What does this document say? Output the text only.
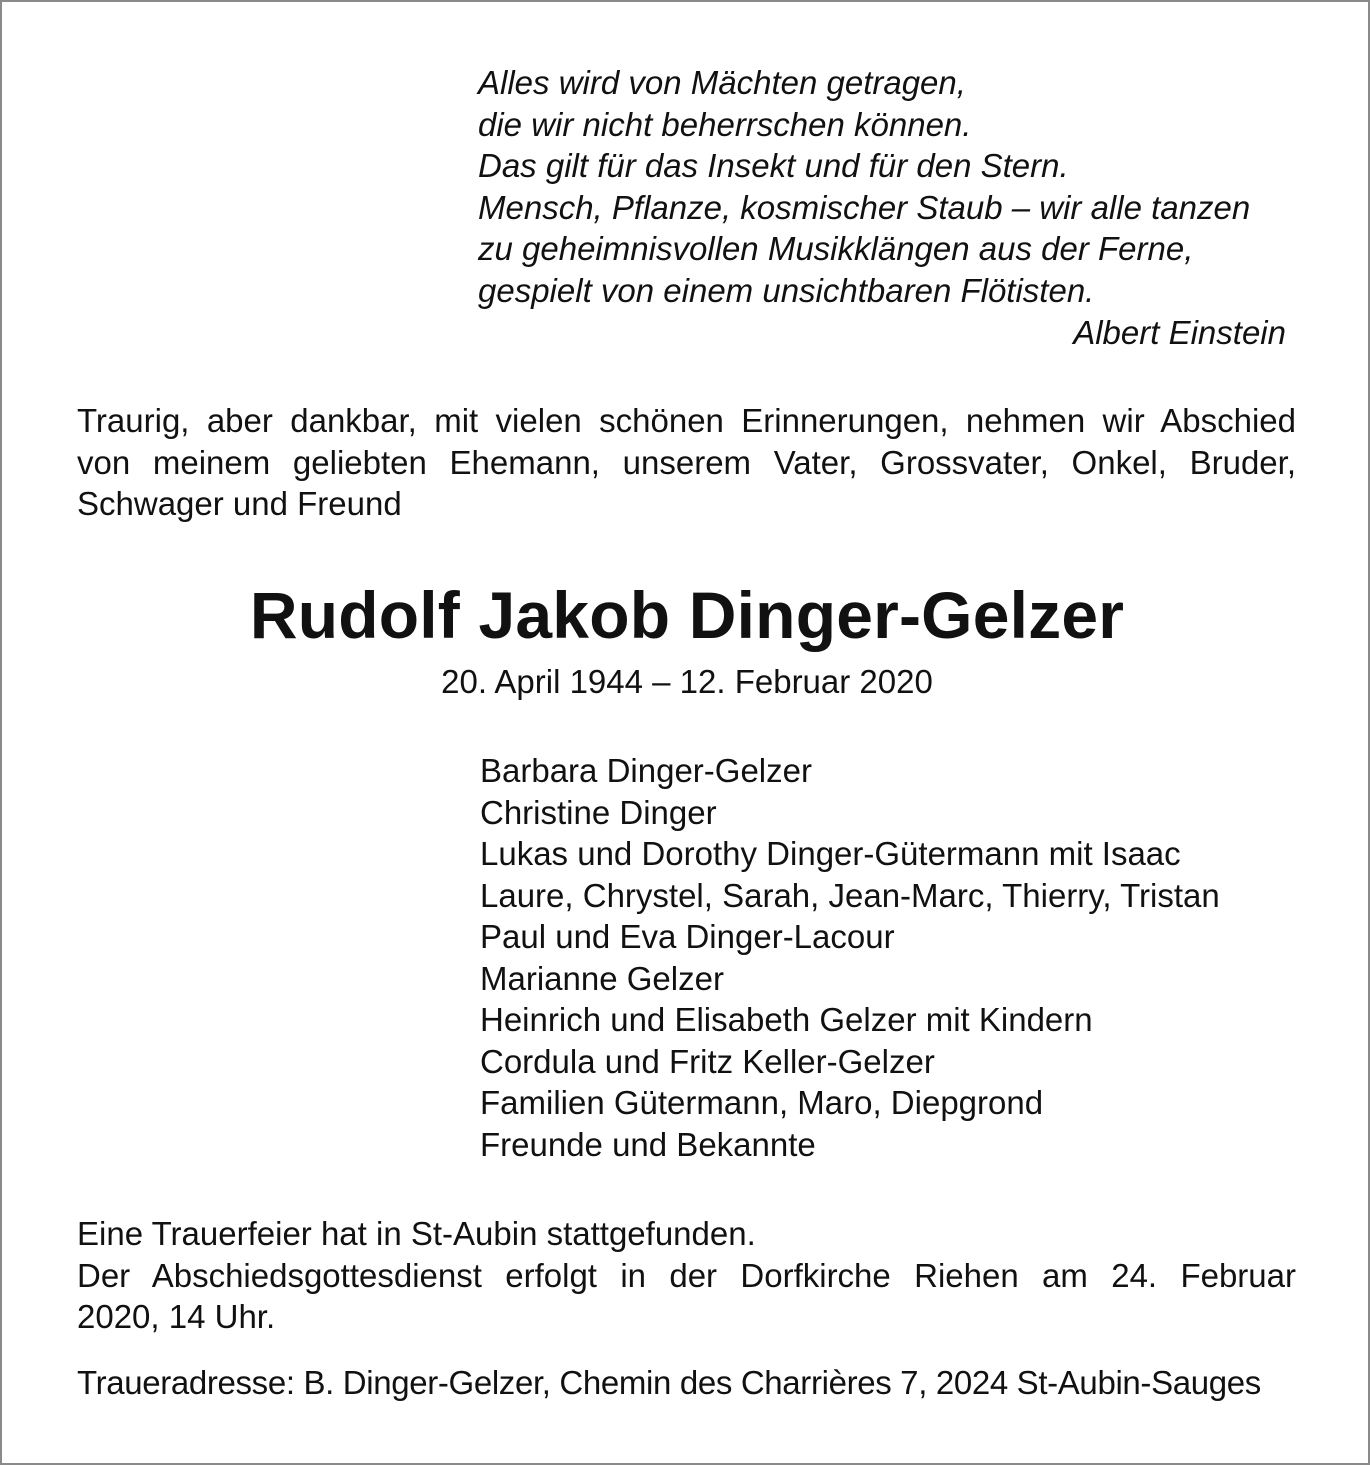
Alles wird von Mächten getragen,
die wir nicht beherrschen können.
Das gilt für das Insekt und für den Stern.
Mensch, Pflanze, kosmischer Staub – wir alle tanzen
zu geheimnisvollen Musikklängen aus der Ferne,
gespielt von einem unsichtbaren Flötisten.
Albert Einstein
Traurig, aber dankbar, mit vielen schönen Erinnerungen, nehmen wir Abschied
von meinem geliebten Ehemann, unserem Vater, Grossvater, Onkel, Bruder,
Schwager und Freund
Rudolf Jakob Dinger-Gelzer
20. April 1944 – 12. Februar 2020
Barbara Dinger-Gelzer
Christine Dinger
Lukas und Dorothy Dinger-Gütermann mit Isaac
Laure, Chrystel, Sarah, Jean-Marc, Thierry, Tristan
Paul und Eva Dinger-Lacour
Marianne Gelzer
Heinrich und Elisabeth Gelzer mit Kindern
Cordula und Fritz Keller-Gelzer
Familien Gütermann, Maro, Diepgrond
Freunde und Bekannte
Eine Trauerfeier hat in St-Aubin stattgefunden.
Der Abschiedsgottesdienst erfolgt in der Dorfkirche Riehen am 24. Februar
2020, 14 Uhr.
Traueradresse: B. Dinger-Gelzer, Chemin des Charrières 7, 2024 St-Aubin-Sauges
